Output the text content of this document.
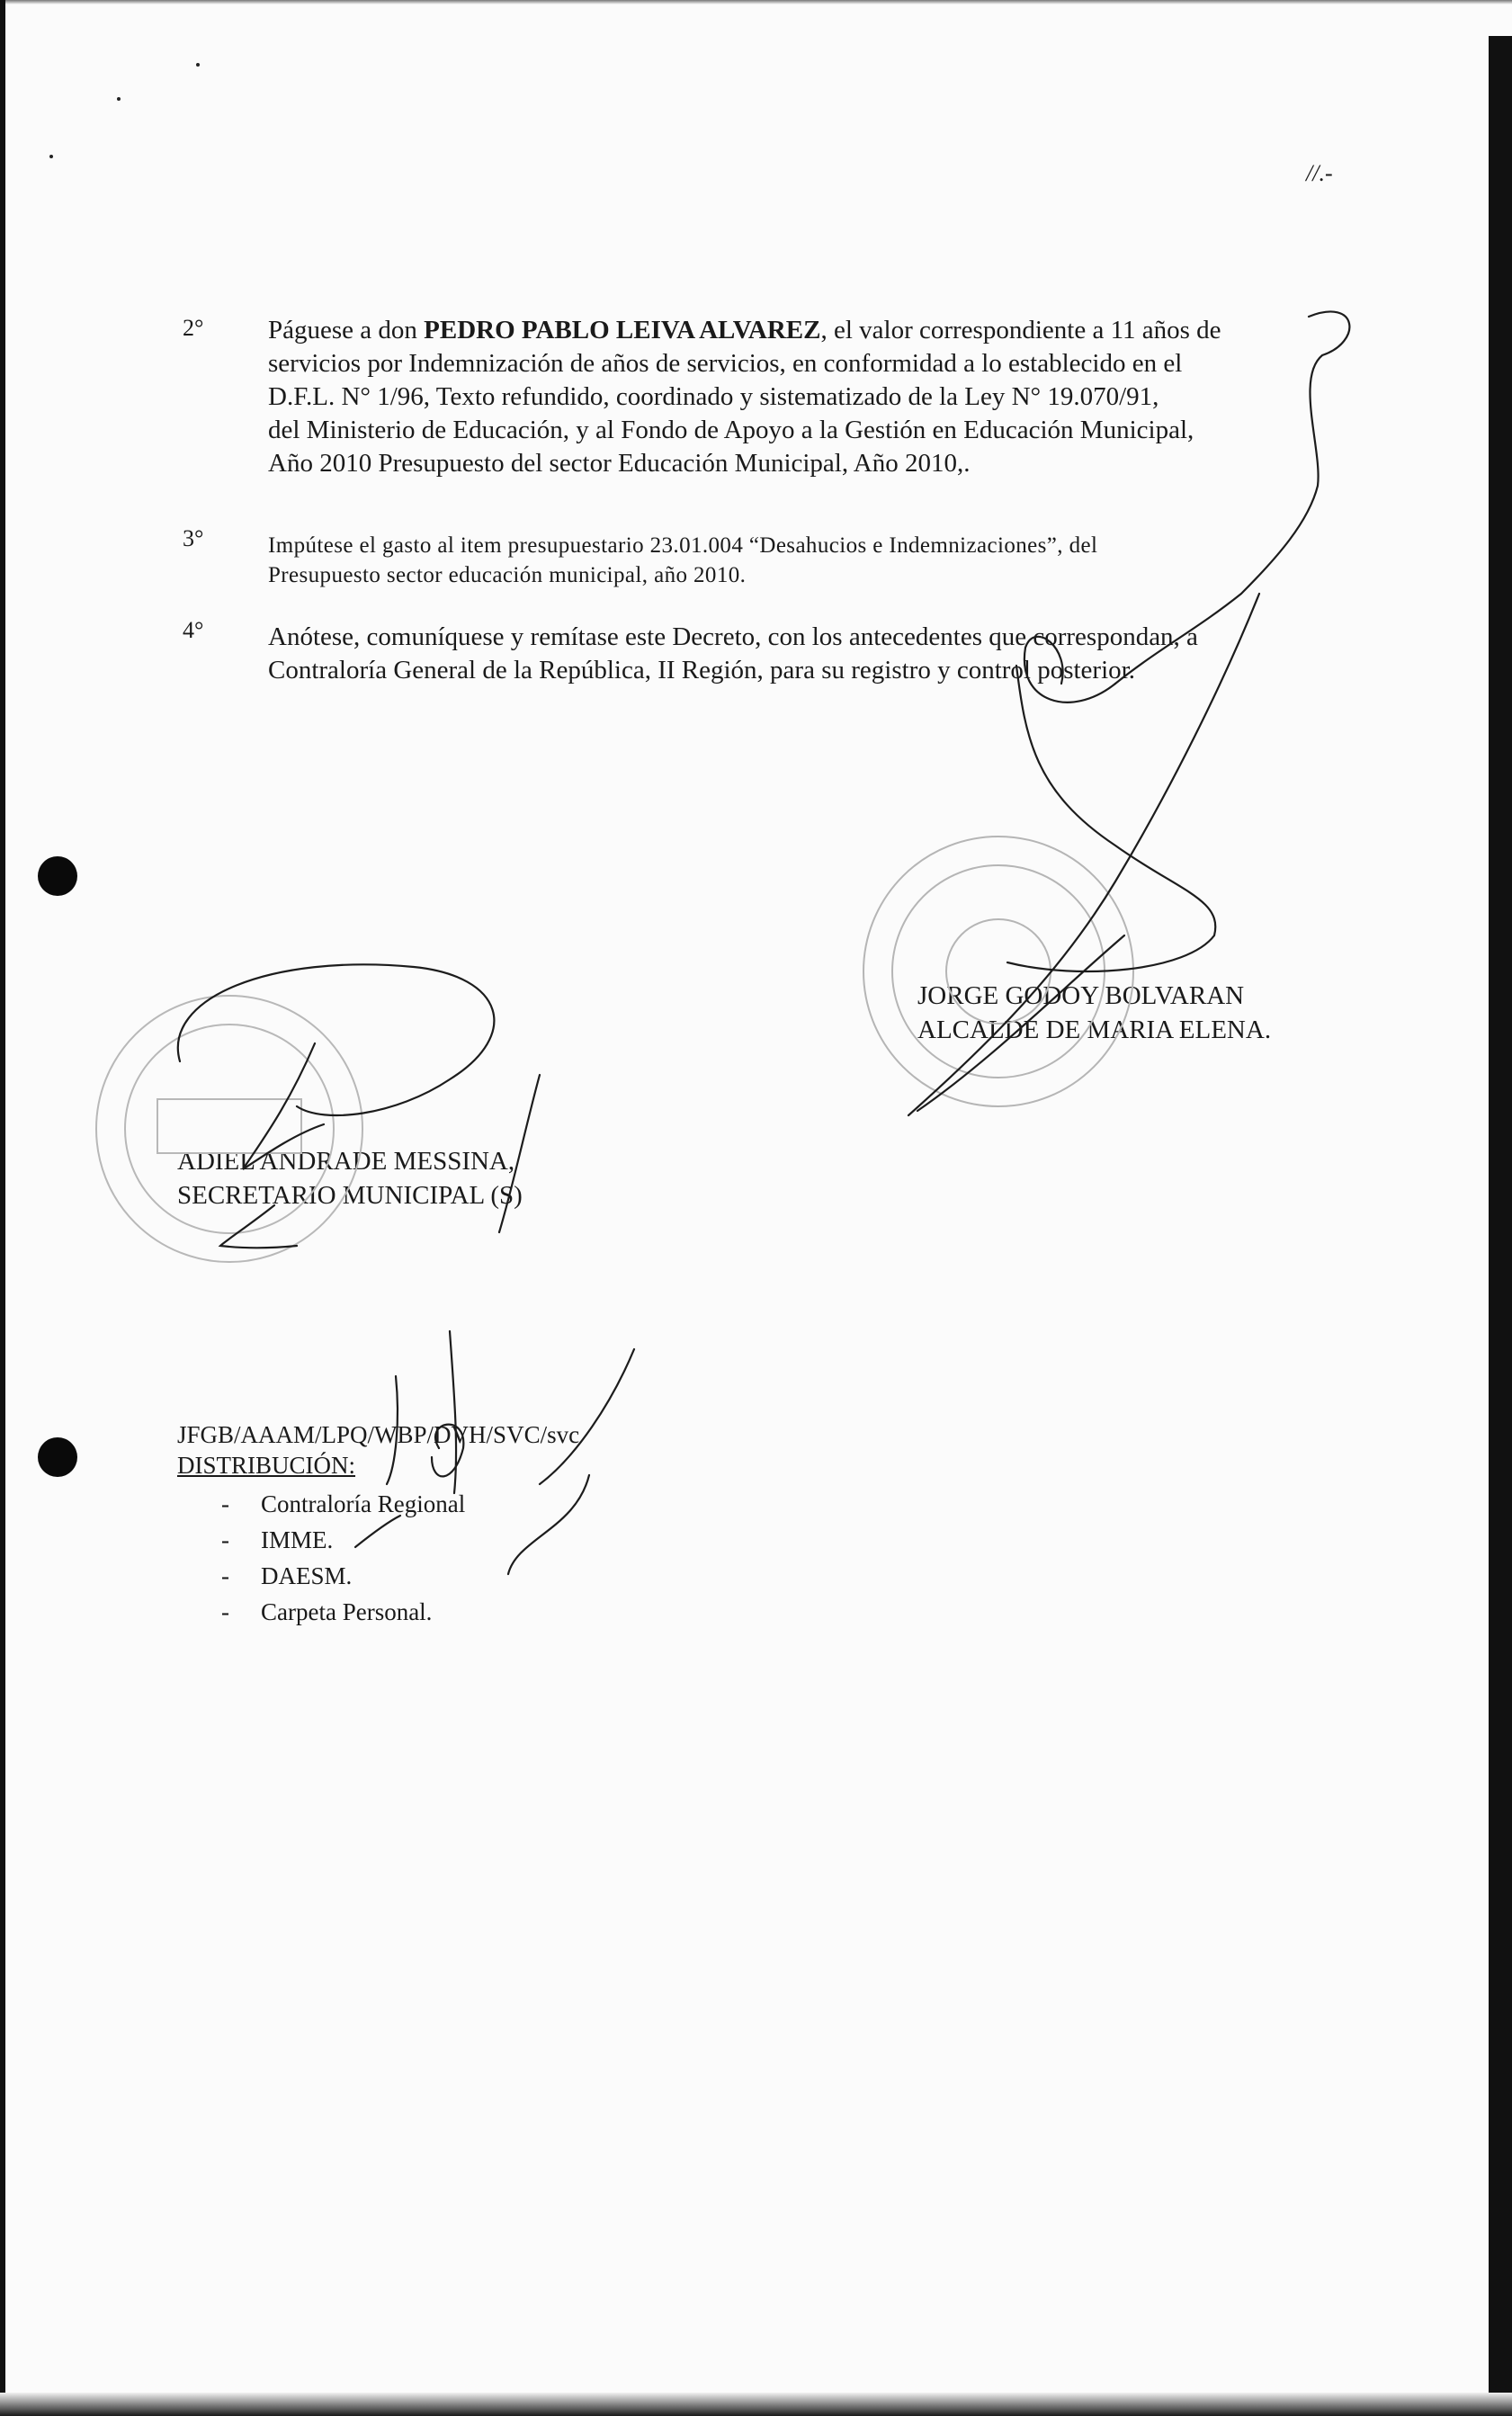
//.-
2° Páguese a don PEDRO PABLO LEIVA ALVAREZ, el valor correspondiente a 11 años de

servicios por Indemnización de años de servicios, en conformidad a lo establecido en el

D.F.L. N° 1/96, Texto refundido, coordinado y sistematizado de la Ley N° 19.070/91,

del Ministerio de Educación, y al Fondo de Apoyo a la Gestión en Educación Municipal,

Año 2010 Presupuesto del sector Educación Municipal, Año 2010,.

3°	Impútese el gasto al item presupuestario 23.01.004 “Desahucios e Indemnizaciones”, del

Presupuesto sector educación municipal, año 2010.

4° Anótese, comuníquese y remítase este Decreto, con los antecedentes que correspondan, a

Contraloría General de la República, II Región, para su registro y control posterior.

JORGE GODOY BOLVARAN
ALCALDE DE MARIA ELENA.
ADIEL ANDRADE MESSINA,
SECRETARIO MUNICIPAL (S)
JFGB/AAAM/LPQ/WBP/DVH/SVC/svc
DISTRIBUCIÓN:
- Contraloría Regional
- IMME.
- DAESM.
- Carpeta Personal.
